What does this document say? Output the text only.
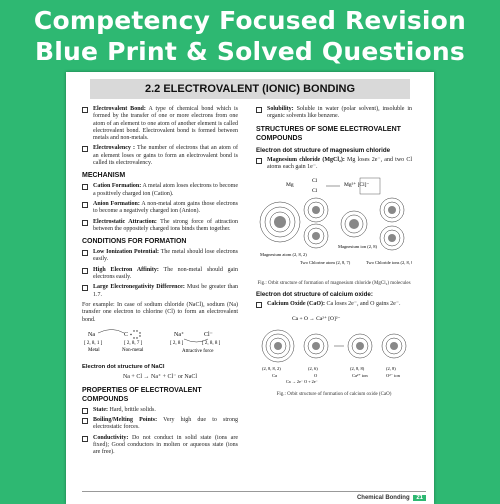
Competency Focused Revision
Blue Print & Solved Questions
2.2 ELECTROVALENT (IONIC) BONDING
Electrovalent Bond: A type of chemical bond which is formed by the transfer of one or more electrons from one atom of an element to one atom of another element is called electrovalent bond. Electrovalent bond is formed between metals and non-metals.
Electrovalency : The number of electrons that an atom of an element loses or gains to form an electrovalent bond is called its electrovalency.
MECHANISM
Cation Formation: A metal atom loses electrons to become a positively charged ion (Cation).
Anion Formation: A non-metal atom gains those electrons to become a negatively charged ion (Anion).
Electrostatic Attraction: The strong force of attraction between the oppositely charged ions binds them together.
CONDITIONS FOR FORMATION
Low Ionization Potential: The metal should lose electrons easily.
High Electron Affinity: The non-metal should gain electrons easily.
Large Electronegativity Difference: Must be greater than 1.7.
For example: In case of sodium chloride (NaCl), sodium (Na) transfer one electron to chlorine (Cl) to form an electrovalent bond.
Na	C
[ 2, 8, 1 ]	[ 2, 8, 7 ]
Metal	Non-metal
Na⁺	Cl⁻
[ 2, 8 ]	[ 2, 8, 8 ]
Attractive force
Electron dot structure of NaCl
Na + Cl → Na⁺ + Cl⁻ or NaCl
PROPERTIES OF ELECTROVALENT COMPOUNDS
State: Hard, brittle solids.
Boiling/Melting Points: Very high due to strong electrostatic forces.
Conductivity: Do not conduct in solid state (ions are fixed); Good conductors in molten or aqueous state (ions are free).
Solubility: Soluble in water (polar solvent), insoluble in organic solvents like benzene.
STRUCTURES OF SOME ELECTROVALENT COMPOUNDS
Electron dot structure of magnesium chloride
Magnesium chloride (MgCl₂): Mg loses 2e⁻, and two Cl atoms each gain 1e⁻.
Mg
Cl
Cl
Mg²⁺ [Cl]⁻
Magnesium atom (2, 8, 2)
Two Chlorine atom (2, 8, 7)
Magnesium ion (2, 8)
Two Chloride ions (2, 8, 8)
Fig.: Orbit structure of formation of magnesium chloride (MgCl₂) molecules
Electron dot structure of calcium oxide:
Calcium Oxide (CaO): Ca loses 2e⁻, and O gains 2e⁻.
Ca + O → Ca²⁺ [O]²⁻
(2, 8, 8, 2)
Ca
(2, 6)
O
Ca → 2e⁻ O + 2e⁻
(2, 8, 8)
Ca²⁺ ion
(2, 8)
O²⁻ ion
Fig.: Orbit structure of formation of calcium oxide (CaO)
Chemical Bonding 21
